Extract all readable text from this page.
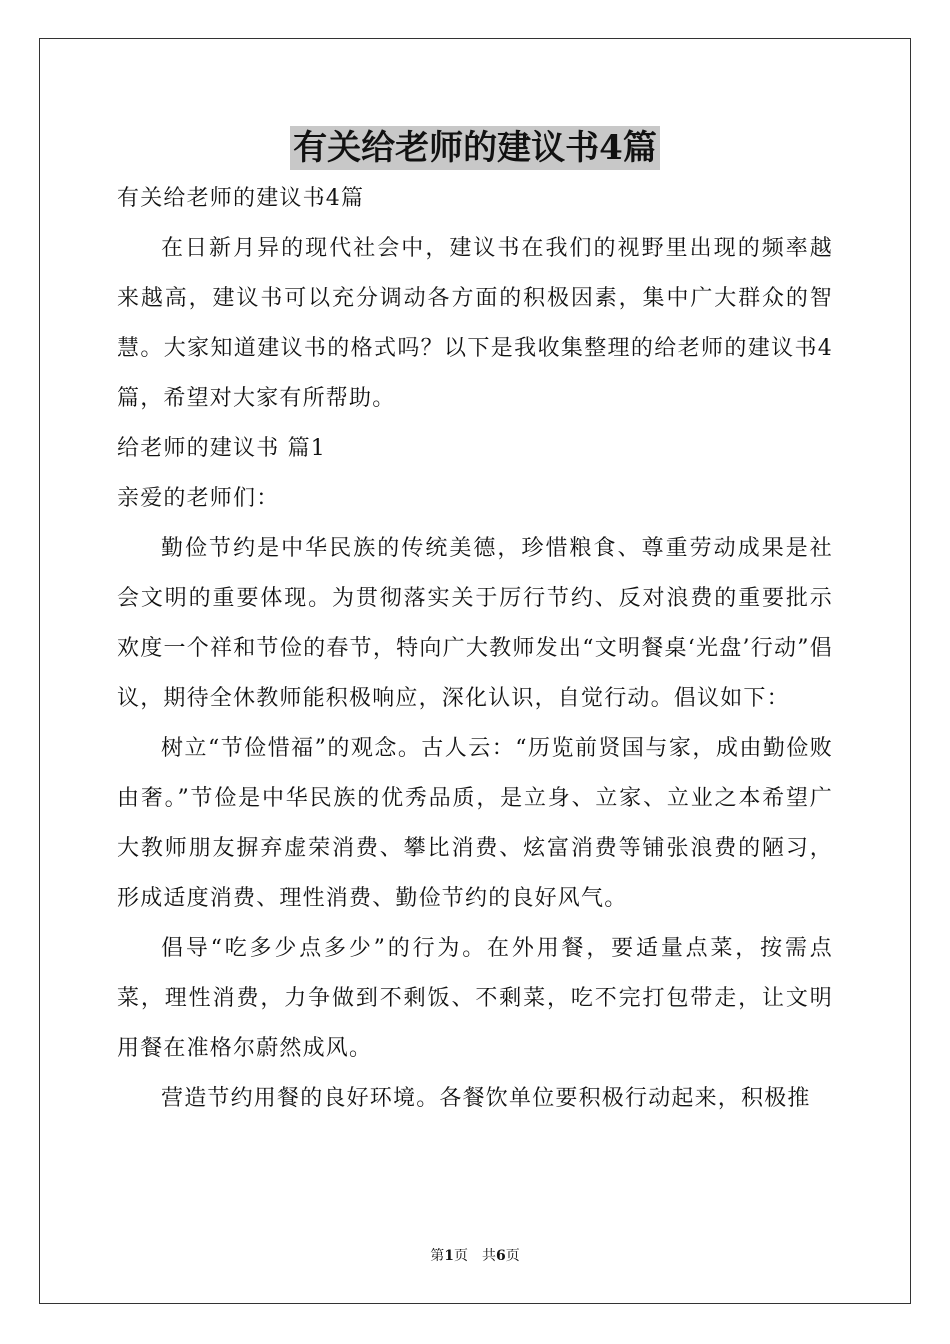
有关给老师的建议书4篇

有关给老师的建议书4篇

在日新月异的现代社会中，建议书在我们的视野里出现的频率越来越高，建议书可以充分调动各方面的积极因素，集中广大群众的智慧。大家知道建议书的格式吗？以下是我收集整理的给老师的建议书4篇，希望对大家有所帮助。

给老师的建议书 篇1

亲爱的老师们：

勤俭节约是中华民族的传统美德，珍惜粮食、尊重劳动成果是社会文明的重要体现。为贯彻落实关于厉行节约、反对浪费的重要批示欢度一个祥和节俭的春节，特向广大教师发出“文明餐桌‘光盘’行动”倡议，期待全休教师能积极响应，深化认识，自觉行动。倡议如下：

树立“节俭惜福”的观念。古人云：“历览前贤国与家，成由勤俭败由奢。”节俭是中华民族的优秀品质，是立身、立家、立业之本希望广大教师朋友摒弃虚荣消费、攀比消费、炫富消费等铺张浪费的陋习，形成适度消费、理性消费、勤俭节约的良好风气。

倡导“吃多少点多少”的行为。在外用餐，要适量点菜，按需点菜，理性消费，力争做到不剩饭、不剩菜，吃不完打包带走，让文明用餐在准格尔蔚然成风。

营造节约用餐的良好环境。各餐饮单位要积极行动起来，积极推

第1页 共6页
